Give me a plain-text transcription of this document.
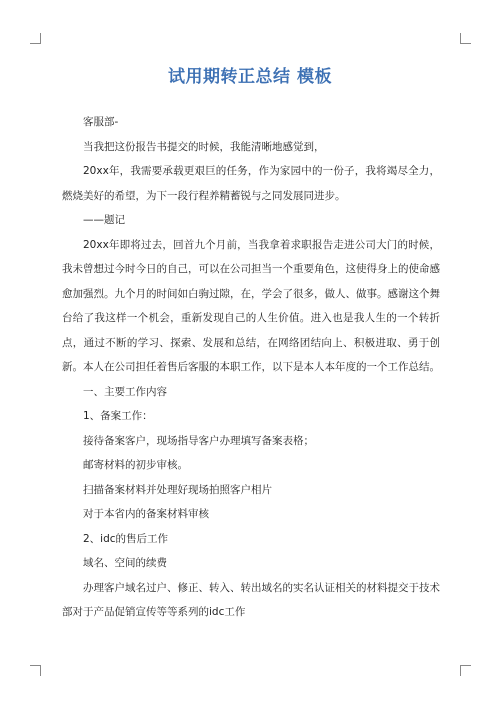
试用期转正总结 模板

客服部-

当我把这份报告书提交的时候，我能清晰地感觉到，

20xx年，我需要承载更艰巨的任务，作为家园中的一份子，我将竭尽全力，燃烧美好的希望，为下一段行程养精蓄锐与之同发展同进步。

——题记

20xx年即将过去，回首九个月前，当我拿着求职报告走进公司大门的时候，我未曾想过今时今日的自己，可以在公司担当一个重要角色，这使得身上的使命感愈加强烈。九个月的时间如白驹过隙，在，学会了很多，做人、做事。感谢这个舞台给了我这样一个机会，重新发现自己的人生价值。进入也是我人生的一个转折点，通过不断的学习、探索、发展和总结，在网络团结向上、积极进取、勇于创新。本人在公司担任着售后客服的本职工作，以下是本人本年度的一个工作总结。

一、主要工作内容

1、备案工作：

接待备案客户，现场指导客户办理填写备案表格；

邮寄材料的初步审核。

扫描备案材料并处理好现场拍照客户相片

对于本省内的备案材料审核

2、idc的售后工作

域名、空间的续费

办理客户域名过户、修正、转入、转出域名的实名认证相关的材料提交于技术部对于产品促销宣传等等系列的idc工作
